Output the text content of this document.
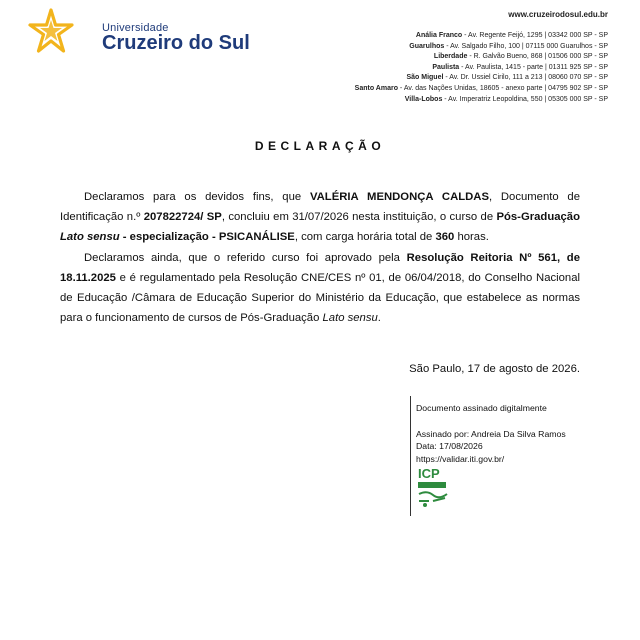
Universidade
Cruzeiro do Sul
www.cruzeirodosul.edu.br
Anália Franco - Av. Regente Feijó, 1295 | 03342 000 SP - SP
Guarulhos - Av. Salgado Filho, 100 | 07115 000 Guarulhos - SP
Liberdade - R. Galvão Bueno, 868 | 01506 000 SP - SP
Paulista - Av. Paulista, 1415 - parte | 01311 925 SP - SP
São Miguel - Av. Dr. Ussiel Cirilo, 111 a 213 | 08060 070 SP - SP
Santo Amaro - Av. das Nações Unidas, 18605 - anexo parte | 04795 902 SP - SP
Villa-Lobos - Av. Imperatriz Leopoldina, 550 | 05305 000 SP - SP
DECLARAÇÃO
Declaramos para os devidos fins, que VALÉRIA MENDONÇA CALDAS, Documento de Identificação n.º 207822724/ SP, concluiu em 31/07/2026 nesta instituição, o curso de Pós-Graduação Lato sensu - especialização - PSICANÁLISE, com carga horária total de 360 horas.
Declaramos ainda, que o referido curso foi aprovado pela Resolução Reitoria Nº 561, de 18.11.2025 e é regulamentado pela Resolução CNE/CES nº 01, de 06/04/2018, do Conselho Nacional de Educação /Câmara de Educação Superior do Ministério da Educação, que estabelece as normas para o funcionamento de cursos de Pós-Graduação Lato sensu.
São Paulo, 17 de agosto de 2026.
Documento assinado digitalmente
Assinado por: Andreia Da Silva Ramos
Data: 17/08/2026
https://validar.iti.gov.br/
ICP
